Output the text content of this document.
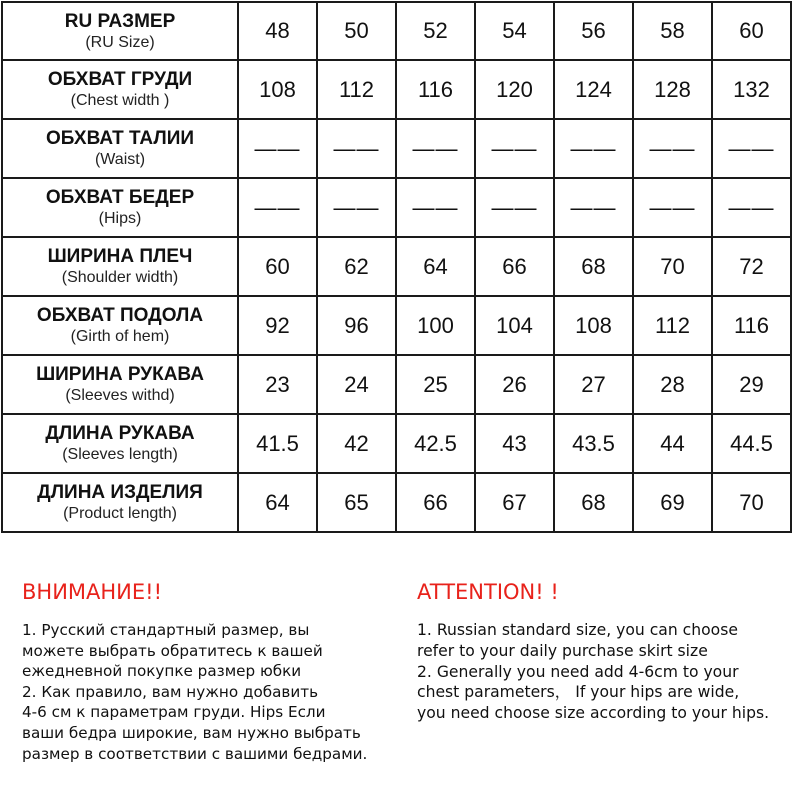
RU РАЗМЕР
(RU Size)	48	50	52	54	56	58	60

ОБХВАТ ГРУДИ
(Chest width )	108	112	116	120	124	128	132

ОБХВАТ ТАЛИИ
(Waist)	——	——	——	——	——	——	——

ОБХВАТ БЕДЕР
(Hips)	——	——	——	——	——	——	——

ШИРИНА ПЛЕЧ
(Shoulder width)	60	62	64	66	68	70	72

ОБХВАТ ПОДОЛА
(Girth of hem)	92	96	100	104	108	112	116

ШИРИНА РУКАВА
(Sleeves withd)	23	24	25	26	27	28	29

ДЛИНА РУКАВА
(Sleeves length)	41.5	42	42.5	43	43.5	44	44.5

ДЛИНА ИЗДЕЛИЯ
(Product length)	64	65	66	67	68	69	70
ВНИМАНИЕ!!
1. Русский стандартный размер, вы
можете выбрать обратитесь к вашей
ежедневной покупке размер юбки
2. Как правило, вам нужно добавить
4-6 см к параметрам груди. Hips Если
ваши бедра широкие, вам нужно выбрать
размер в соответствии с вашими бедрами.
ATTENTION! !
1. Russian standard size, you can choose
refer to your daily purchase skirt size
2. Generally you need add 4-6cm to your
chest parameters， If your hips are wide,
you need choose size according to your hips.
